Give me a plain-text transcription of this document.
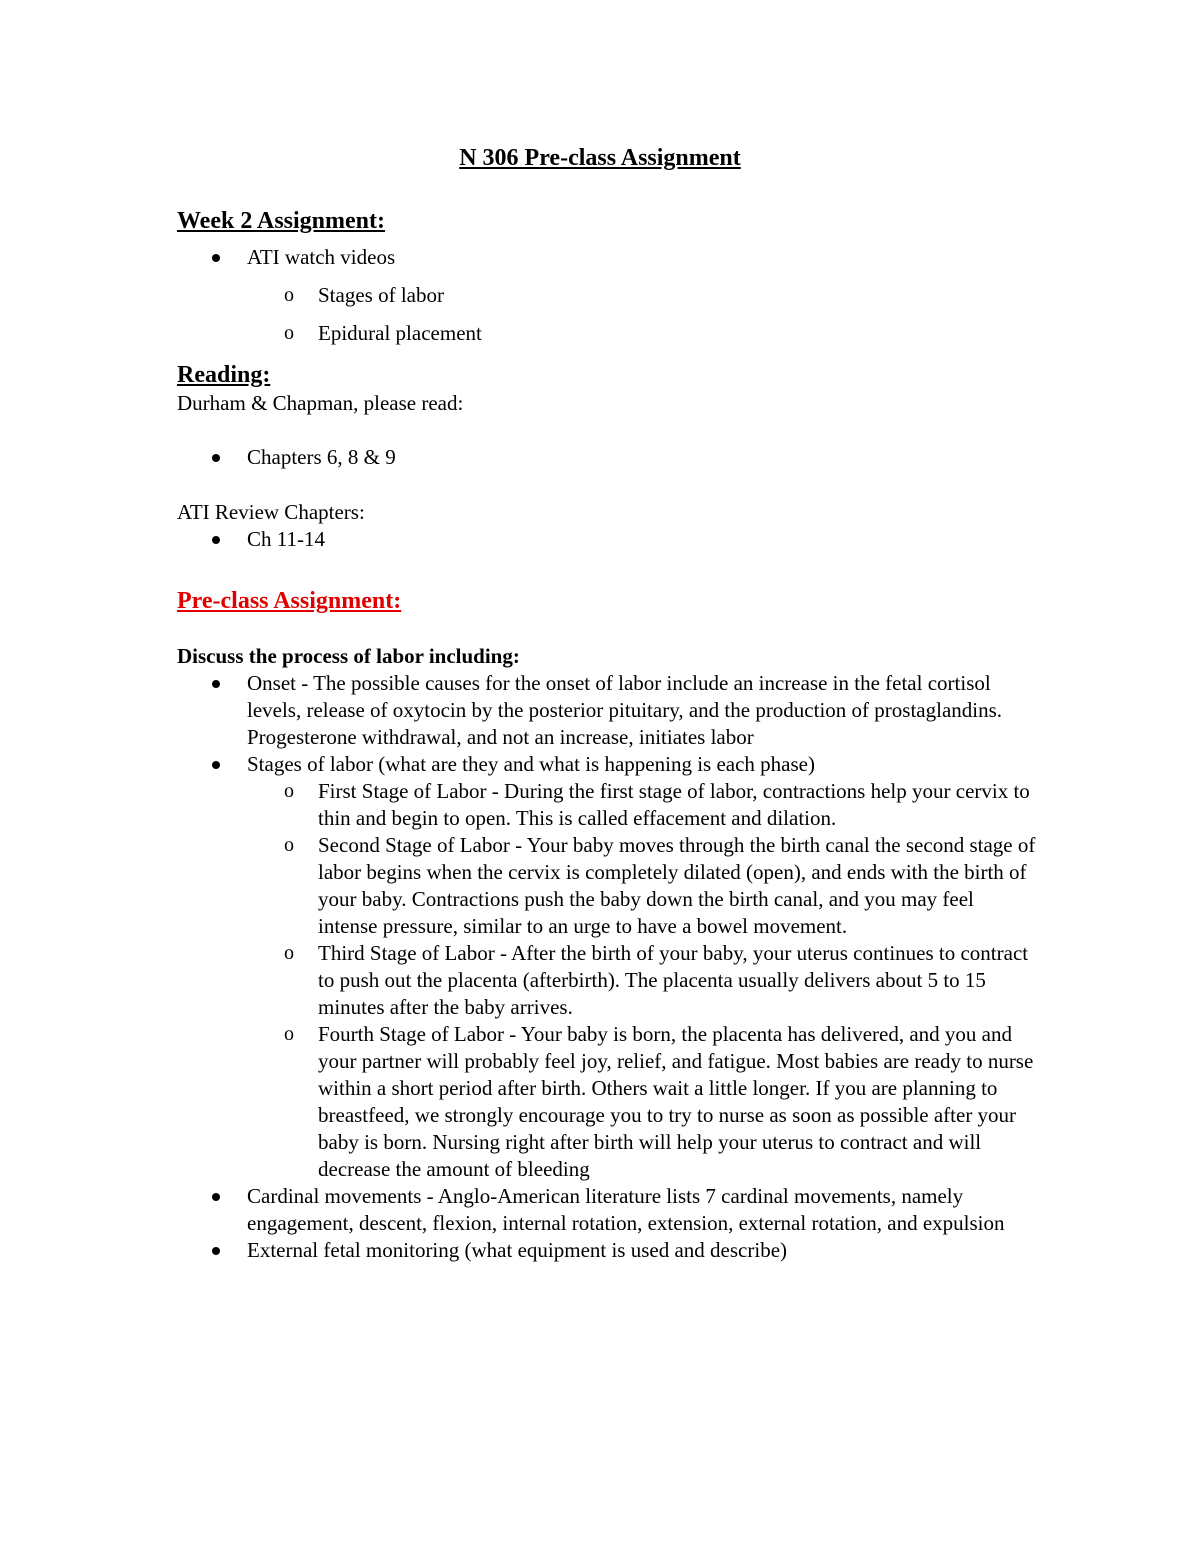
N 306 Pre-class Assignment
Week 2 Assignment:
ATI watch videos
o Stages of labor
o Epidural placement
Reading:
Durham & Chapman, please read:
Chapters 6, 8 & 9
ATI Review Chapters:
Ch 11-14
Pre-class Assignment:
Discuss the process of labor including:
Onset - The possible causes for the onset of labor include an increase in the fetal cortisol levels, release of oxytocin by the posterior pituitary, and the production of prostaglandins. Progesterone withdrawal, and not an increase, initiates labor
Stages of labor (what are they and what is happening is each phase)
o First Stage of Labor - During the first stage of labor, contractions help your cervix to thin and begin to open. This is called effacement and dilation.
o Second Stage of Labor - Your baby moves through the birth canal the second stage of labor begins when the cervix is completely dilated (open), and ends with the birth of your baby. Contractions push the baby down the birth canal, and you may feel intense pressure, similar to an urge to have a bowel movement.
o Third Stage of Labor - After the birth of your baby, your uterus continues to contract to push out the placenta (afterbirth). The placenta usually delivers about 5 to 15 minutes after the baby arrives.
o Fourth Stage of Labor - Your baby is born, the placenta has delivered, and you and your partner will probably feel joy, relief, and fatigue. Most babies are ready to nurse within a short period after birth. Others wait a little longer. If you are planning to breastfeed, we strongly encourage you to try to nurse as soon as possible after your baby is born. Nursing right after birth will help your uterus to contract and will decrease the amount of bleeding
Cardinal movements - Anglo-American literature lists 7 cardinal movements, namely engagement, descent, flexion, internal rotation, extension, external rotation, and expulsion
External fetal monitoring (what equipment is used and describe)
